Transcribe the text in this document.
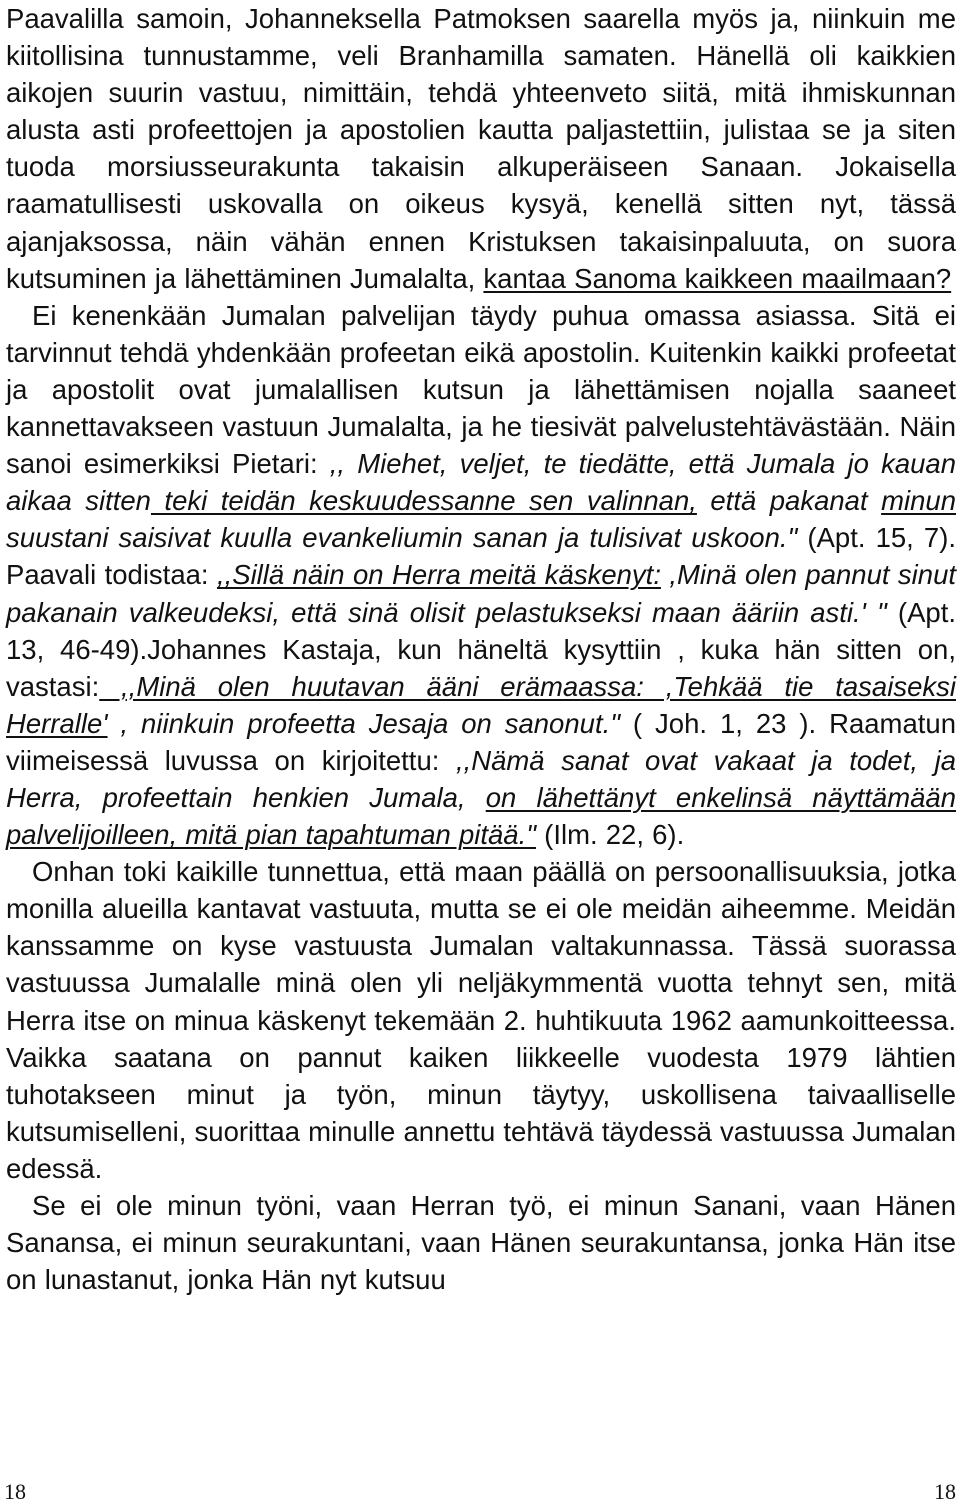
Paavalilla samoin, Johanneksella Patmoksen saarella myös ja, niinkuin me kiitollisina tunnustamme, veli Branhamilla samaten. Hänellä oli kaikkien aikojen suurin vastuu, nimittäin, tehdä yhteenveto siitä, mitä ihmiskunnan alusta asti profeettojen ja apostolien kautta paljastettiin, julistaa se ja siten tuoda morsiusseurakunta takaisin alkuperäiseen Sanaan. Jokaisella raamatullisesti uskovalla on oikeus kysyä, kenellä sitten nyt, tässä ajanjaksossa, näin vähän ennen Kristuksen takaisinpaluuta, on suora kutsuminen ja lähettäminen Jumalalta, kantaa Sanoma kaikkeen maailmaan?

Ei kenenkään Jumalan palvelijan täydy puhua omassa asiassa. Sitä ei tarvinnut tehdä yhdenkään profeetan eikä apostolin. Kuitenkin kaikki profeetat ja apostolit ovat jumalallisen kutsun ja lähettämisen nojalla saaneet kannettavakseen vastuun Jumalalta, ja he tiesivät palvelustehtävästään. Näin sanoi esimerkiksi Pietari: ,, Miehet, veljet, te tiedätte, että Jumala jo kauan aikaa sitten teki teidän keskuudessanne sen valinnan, että pakanat minun suustani saisivat kuulla evankeliumin sanan ja tulisivat uskoon." (Apt. 15, 7). Paavali todistaa: ,,Sillä näin on Herra meitä käskenyt: ,Minä olen pannut sinut pakanain valkeudeksi, että sinä olisit pelastukseksi maan ääriin asti.' " (Apt. 13, 46-49).Johannes Kastaja, kun häneltä kysyttiin , kuka hän sitten on, vastasi: ,,Minä olen huutavan ääni erämaassa: ,Tehkää tie tasaiseksi Herralle' , niinkuin profeetta Jesaja on sanonut." ( Joh. 1, 23 ). Raamatun viimeisessä luvussa on kirjoitettu: ,,Nämä sanat ovat vakaat ja todet, ja Herra, profeettain henkien Jumala, on lähettänyt enkelinsä näyttämään palvelijoilleen, mitä pian tapahtuman pitää." (Ilm. 22, 6).

Onhan toki kaikille tunnettua, että maan päällä on persoonallisuuksia, jotka monilla alueilla kantavat vastuuta, mutta se ei ole meidän aiheemme. Meidän kanssamme on kyse vastuusta Jumalan valtakunnassa. Tässä suorassa vastuussa Jumalalle minä olen yli neljäkymmentä vuotta tehnyt sen, mitä Herra itse on minua käskenyt tekemään 2. huhtikuuta 1962 aamunkoitteessa. Vaikka saatana on pannut kaiken liikkeelle vuodesta 1979 lähtien tuhotakseen minut ja työn, minun täytyy, uskollisena taivaalliselle kutsumiselleni, suorittaa minulle annettu tehtävä täydessä vastuussa Jumalan edessä.

Se ei ole minun työni, vaan Herran työ, ei minun Sanani, vaan Hänen Sanansa, ei minun seurakuntani, vaan Hänen seurakuntansa, jonka Hän itse on lunastanut, jonka Hän nyt kutsuu

18	18
